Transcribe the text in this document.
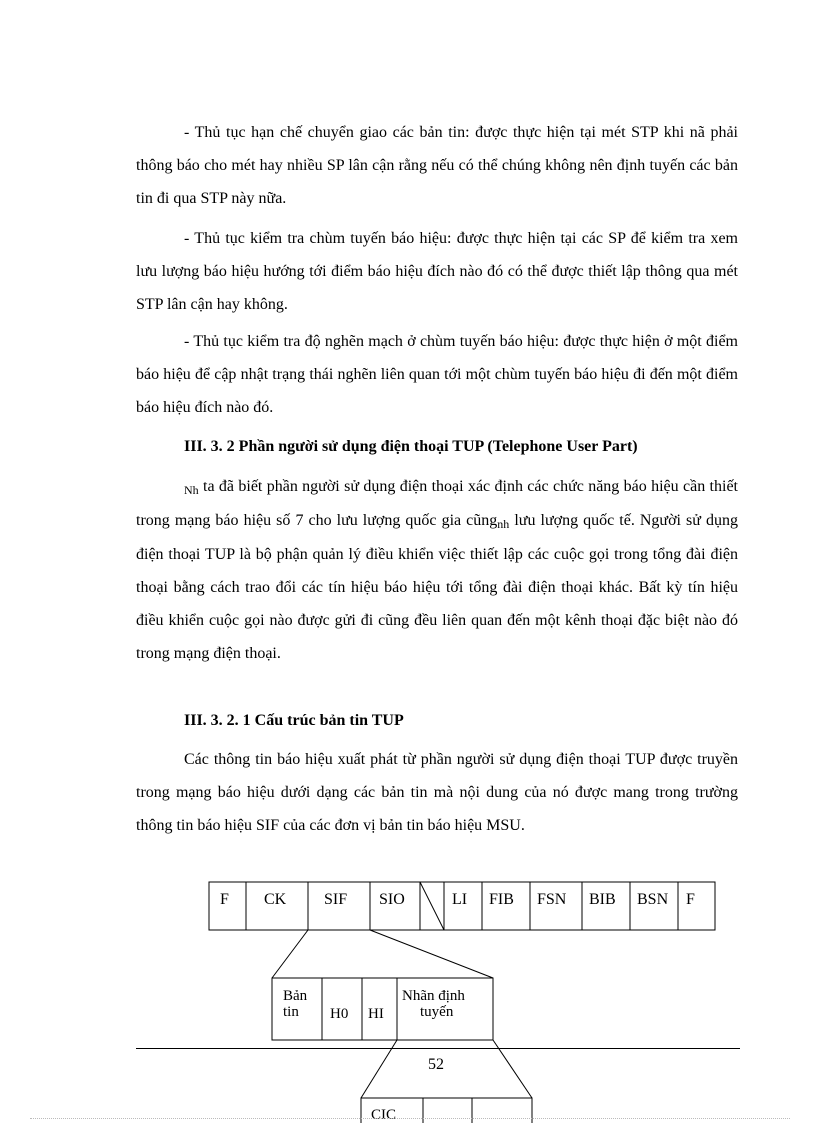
- Thủ tục hạn chế chuyển giao các bản tin: được thực hiện tại mét STP khi nã phải thông báo cho mét hay nhiều SP lân cận rằng nếu có thể chúng không nên định tuyến các bản tin đi qua STP này nữa.

- Thủ tục kiểm tra chùm tuyến báo hiệu: được thực hiện tại các SP để kiểm tra xem lưu lượng báo hiệu hướng tới điểm báo hiệu đích nào đó có thể được thiết lập thông qua mét STP lân cận hay không.

- Thủ tục kiểm tra độ nghẽn mạch ở chùm tuyến báo hiệu: được thực hiện ở một điểm báo hiệu để cập nhật trạng thái nghẽn liên quan tới một chùm tuyến báo hiệu đi đến một điểm báo hiệu đích nào đó.

III. 3. 2 Phần người sử dụng điện thoại TUP (Telephone User Part)

Nh ta đã biết phần người sử dụng điện thoại xác định các chức năng báo hiệu cần thiết trong mạng báo hiệu số 7 cho lưu lượng quốc gia cũngnh lưu lượng quốc tế. Người sử dụng điện thoại TUP là bộ phận quản lý điều khiển việc thiết lập các cuộc gọi trong tổng đài điện thoại bằng cách trao đổi các tín hiệu báo hiệu tới tổng đài điện thoại khác. Bất kỳ tín hiệu điều khiển cuộc gọi nào được gửi đi cũng đều liên quan đến một kênh thoại đặc biệt nào đó trong mạng điện thoại.

III. 3. 2. 1 Cấu trúc bản tin TUP

Các thông tin báo hiệu xuất phát từ phần người sử dụng điện thoại TUP được truyền trong mạng báo hiệu dưới dạng các bản tin mà nội dung của nó được mang trong trường thông tin báo hiệu SIF của các đơn vị bản tin báo hiệu MSU.

F CK SIF SIO	LI FIB FSN BIB BSN F
Bản
tin H0 HI
Nhãn định
tuyến
CIC
52
